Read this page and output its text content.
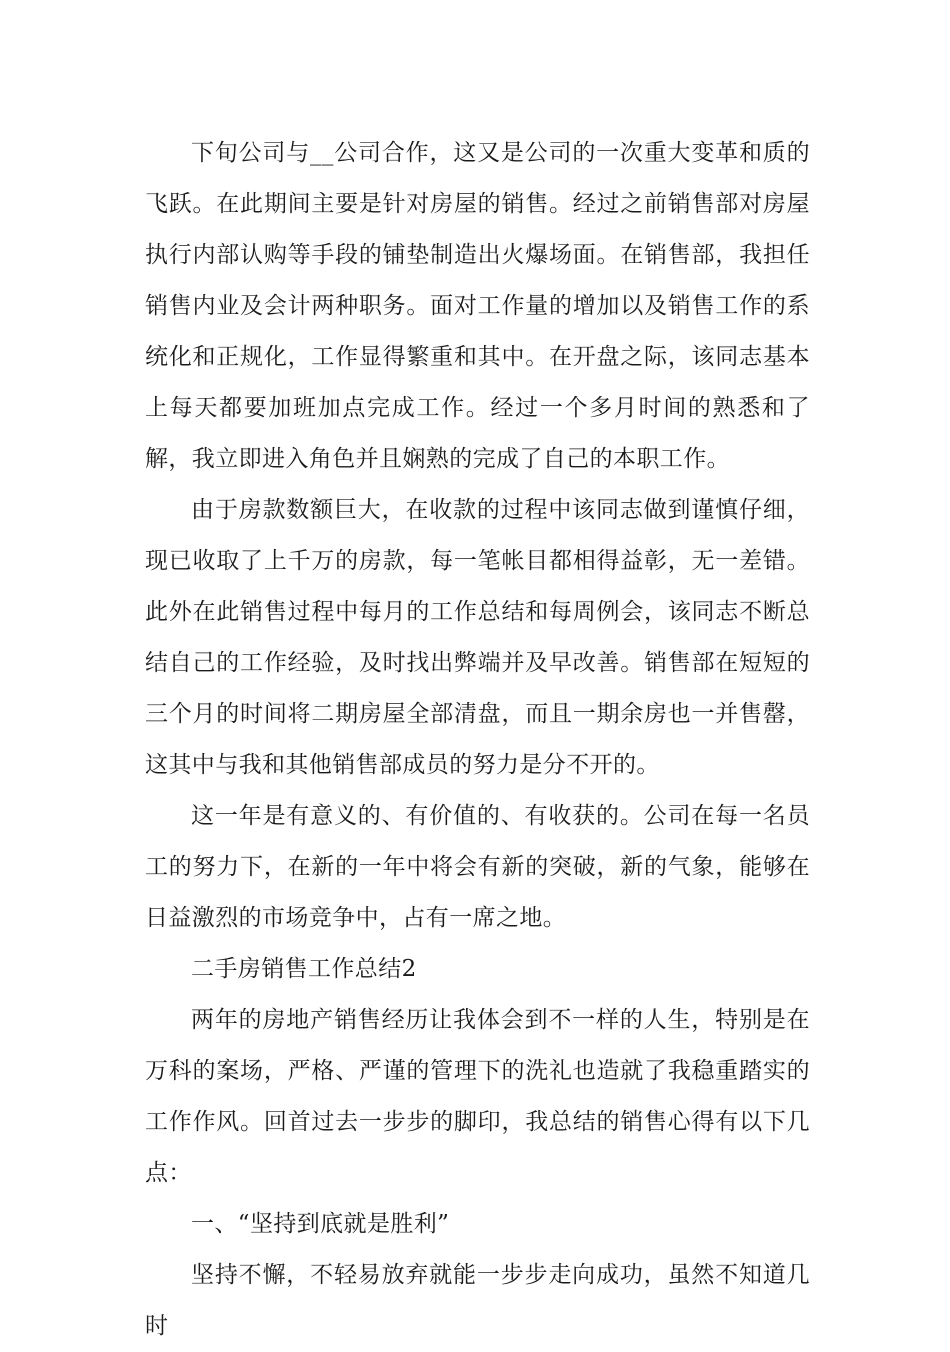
下旬公司与__公司合作，这又是公司的一次重大变革和质的飞跃。在此期间主要是针对房屋的销售。经过之前销售部对房屋执行内部认购等手段的铺垫制造出火爆场面。在销售部，我担任销售内业及会计两种职务。面对工作量的增加以及销售工作的系统化和正规化，工作显得繁重和其中。在开盘之际，该同志基本上每天都要加班加点完成工作。经过一个多月时间的熟悉和了解，我立即进入角色并且娴熟的完成了自己的本职工作。

由于房款数额巨大，在收款的过程中该同志做到谨慎仔细，现已收取了上千万的房款，每一笔帐目都相得益彰，无一差错。此外在此销售过程中每月的工作总结和每周例会，该同志不断总结自己的工作经验，及时找出弊端并及早改善。销售部在短短的三个月的时间将二期房屋全部清盘，而且一期余房也一并售罄，这其中与我和其他销售部成员的努力是分不开的。

这一年是有意义的、有价值的、有收获的。公司在每一名员工的努力下，在新的一年中将会有新的突破，新的气象，能够在日益激烈的市场竞争中，占有一席之地。

二手房销售工作总结2

两年的房地产销售经历让我体会到不一样的人生，特别是在万科的案场，严格、严谨的管理下的洗礼也造就了我稳重踏实的工作作风。回首过去一步步的脚印，我总结的销售心得有以下几点：

一、“坚持到底就是胜利”

坚持不懈，不轻易放弃就能一步步走向成功，虽然不知道几时
